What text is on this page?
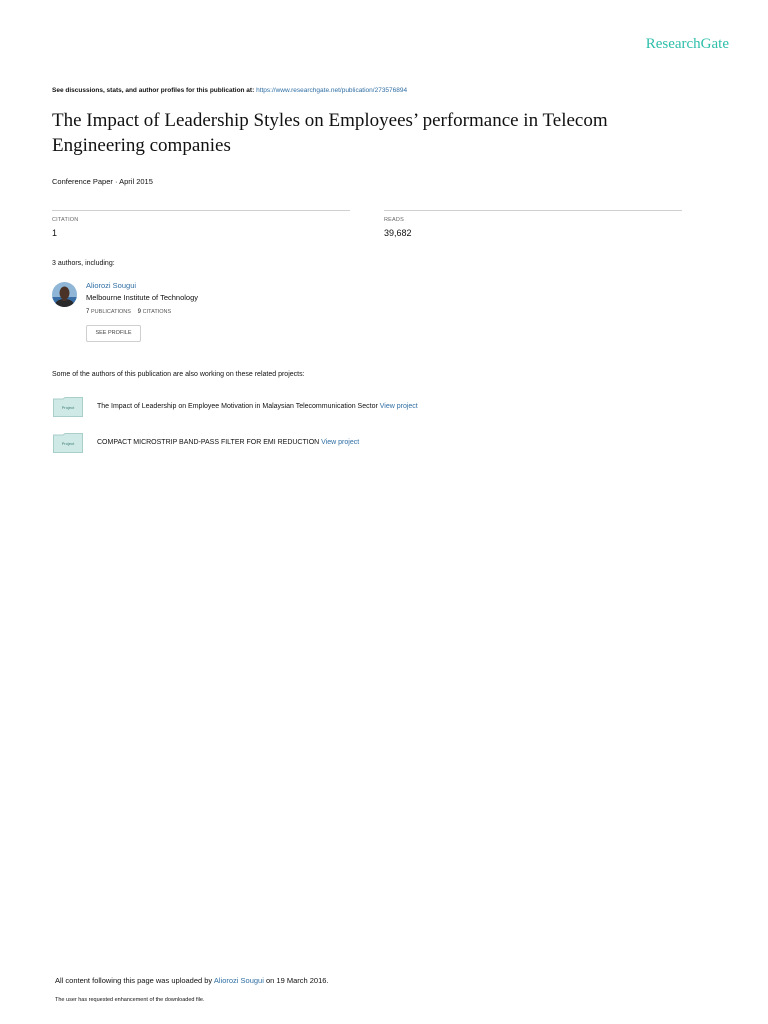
ResearchGate
See discussions, stats, and author profiles for this publication at: https://www.researchgate.net/publication/273576894
The Impact of Leadership Styles on Employees’ performance in Telecom Engineering companies
Conference Paper · April 2015
CITATION
1
READS
39,682
3 authors, including:
Aliorozi Sougui
Melbourne Institute of Technology
7 PUBLICATIONS 9 CITATIONS
SEE PROFILE
Some of the authors of this publication are also working on these related projects:
Project	The Impact of Leadership on Employee Motivation in Malaysian Telecommunication Sector View project
Project	COMPACT MICROSTRIP BAND-PASS FILTER FOR EMI REDUCTION View project
All content following this page was uploaded by Aliorozi Sougui on 19 March 2016.
The user has requested enhancement of the downloaded file.
